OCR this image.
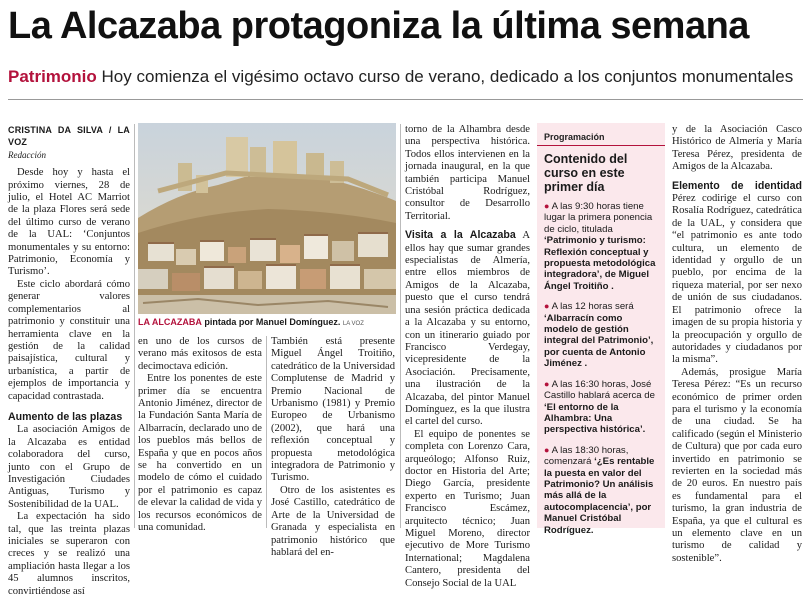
La Alcazaba protagoniza la última semana
Patrimonio Hoy comienza el vigésimo octavo curso de verano, dedicado a los conjuntos monumentales
CRISTINA DA SILVA / LA VOZ
Redacción

Desde hoy y hasta el próximo viernes, 28 de julio, el Hotel AC Marriot de la plaza Flores será sede del último curso de verano de la UAL: ‘Conjuntos monumentales y su entorno: Patrimonio, Economía y Turismo’.

Este ciclo abordará cómo generar valores complementarios al patrimonio y constituir una herramienta clave en la gestión de la calidad paisajística, cultural y urbanística, a partir de ejemplos de importancia y capacidad contrastada.

Aumento de las plazas

La asociación Amigos de la Alcazaba es entidad colaboradora del curso, junto con el Grupo de Investigación Ciudades Antiguas, Turismo y Sostenibilidad de la UAL.

La expectación ha sido tal, que las treinta plazas iniciales se superaron con creces y se realizó una ampliación hasta llegar a los 45 alumnos inscritos, convirtiéndose así

LA ALCAZABA pintada por Manuel Domínguez. LA VOZ

en uno de los cursos de verano más exitosos de esta decimoctava edición.

Entre los ponentes de este primer día se encuentra Antonio Jiménez, director de la Fundación Santa María de Albarracín, declarado uno de los pueblos más bellos de España y que en pocos años se ha convertido en un modelo de cómo el cuidado por el patrimonio es capaz de elevar la calidad de vida y los recursos económicos de una comunidad.

También está presente Miguel Ángel Troitiño, catedrático de la Universidad Complutense de Madrid y Premio Nacional de Urbanismo (1981) y Premio Europeo de Urbanismo (2002), que hará una reflexión conceptual y propuesta metodológica integradora de Patrimonio y Turismo.

Otro de los asistentes es José Castillo, catedrático de Arte de la Universidad de Granada y especialista en patrimonio histórico que hablará del en-

torno de la Alhambra desde una perspectiva histórica. Todos ellos intervienen en la jornada inaugural, en la que también participa Manuel Cristóbal Rodríguez, consultor de Desarrollo Territorial.

Visita a la Alcazaba A ellos hay que sumar grandes especialistas de Almería, entre ellos miembros de Amigos de la Alcazaba, puesto que el curso tendrá una sesión práctica dedicada a la Alcazaba y su entorno, con un itinerario guiado por Francisco Verdegay, vicepresidente de la Asociación. Precisamente, una ilustración de la Alcazaba, del pintor Manuel Domínguez, es la que ilustra el cartel del curso.

El equipo de ponentes se completa con Lorenzo Cara, arqueólogo; Alfonso Ruiz, doctor en Historia del Arte; Diego García, presidente experto en Turismo; Juan Francisco Escámez, arquitecto técnico; Juan Miguel Moreno, director ejecutivo de More Turismo International; Magdalena Cantero, presidenta del Consejo Social de la UAL

Programación
Contenido del curso en este primer día
● A las 9:30 horas tiene lugar la primera ponencia de ciclo, titulada ‘Patrimonio y turismo: Reflexión conceptual y propuesta metodológica integradora’, de Miguel Ángel Troitiño .
● A las 12 horas será ‘Albarracín como modelo de gestión integral del Patrimonio’, por cuenta de Antonio Jiménez .
● A las 16:30 horas, José Castillo hablará acerca de ‘El entorno de la Alhambra: Una perspectiva histórica’.
● A las 18:30 horas, comenzará ‘¿Es rentable la puesta en valor del Patrimonio? Un análisis más allá de la autocomplacencia’, por Manuel Cristóbal Rodríguez.

y de la Asociación Casco Histórico de Almería y María Teresa Pérez, presidenta de Amigos de la Alcazaba.

Elemento de identidad Pérez codirige el curso con Rosalía Rodríguez, catedrática de la UAL, y considera que “el patrimonio es ante todo cultura, un elemento de identidad y orgullo de un pueblo, por encima de la riqueza material, por ser nexo de unión de sus ciudadanos. El patrimonio ofrece la imagen de su propia historia y la preocupación y orgullo de autoridades y ciudadanos por la misma”.

Además, prosigue María Teresa Pérez: “Es un recurso económico de primer orden para el turismo y la economía de una ciudad. Se ha calificado (según el Ministerio de Cultura) que por cada euro invertido en patrimonio se revierten en la sociedad más de 20 euros. En nuestro país es fundamental para el turismo, la gran industria de España, ya que el cultural es un elemento clave en un turismo de calidad y sostenible”.
